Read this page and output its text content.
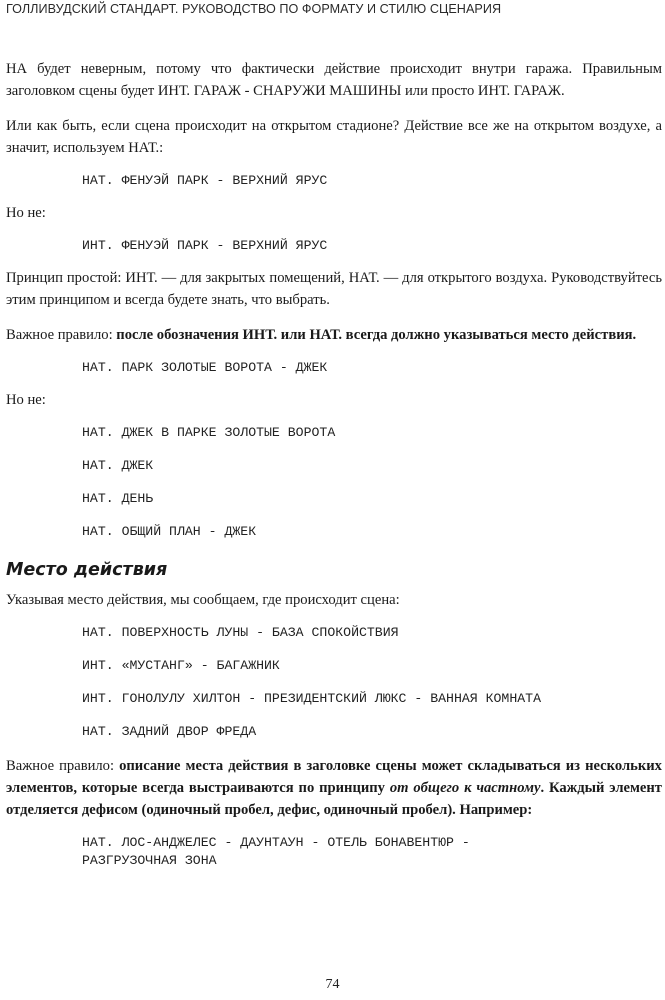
ГОЛЛИВУДСКИЙ СТАНДАРТ. РУКОВОДСТВО ПО ФОРМАТУ И СТИЛЮ СЦЕНАРИЯ

НА будет неверным, потому что фактически действие происходит внутри гаража. Правильным заголовком сцены будет ИНТ. ГАРАЖ - СНАРУЖИ МАШИНЫ или просто ИНТ. ГАРАЖ.

Или как быть, если сцена происходит на открытом стадионе? Действие все же на открытом воздухе, а значит, используем НАТ.:

НАТ. ФЕНУЭЙ ПАРК - ВЕРХНИЙ ЯРУС

Но не:

ИНТ. ФЕНУЭЙ ПАРК - ВЕРХНИЙ ЯРУС

Принцип простой: ИНТ. — для закрытых помещений, НАТ. — для открытого воздуха. Руководствуйтесь этим принципом и всегда будете знать, что выбрать.

Важное правило: после обозначения ИНТ. или НАТ. всегда должно указываться место действия.

НАТ. ПАРК ЗОЛОТЫЕ ВОРОТА - ДЖЕК

Но не:

НАТ. ДЖЕК В ПАРКЕ ЗОЛОТЫЕ ВОРОТА
НАТ. ДЖЕК
НАТ. ДЕНЬ
НАТ. ОБЩИЙ ПЛАН - ДЖЕК
Место действия

Указывая место действия, мы сообщаем, где происходит сцена:

НАТ. ПОВЕРХНОСТЬ ЛУНЫ - БАЗА СПОКОЙСТВИЯ
ИНТ. «МУСТАНГ» - БАГАЖНИК
ИНТ. ГОНОЛУЛУ ХИЛТОН - ПРЕЗИДЕНТСКИЙ ЛЮКС - ВАННАЯ КОМНАТА
НАТ. ЗАДНИЙ ДВОР ФРЕДА

Важное правило: описание места действия в заголовке сцены может складываться из нескольких элементов, которые всегда выстраиваются по принципу от общего к частному. Каждый элемент отделяется дефисом (одиночный пробел, дефис, одиночный пробел). Например:

НАТ. ЛОС-АНДЖЕЛЕС - ДАУНТАУН - ОТЕЛЬ БОНАВЕНТЮР -
РАЗГРУЗОЧНАЯ ЗОНА
74
